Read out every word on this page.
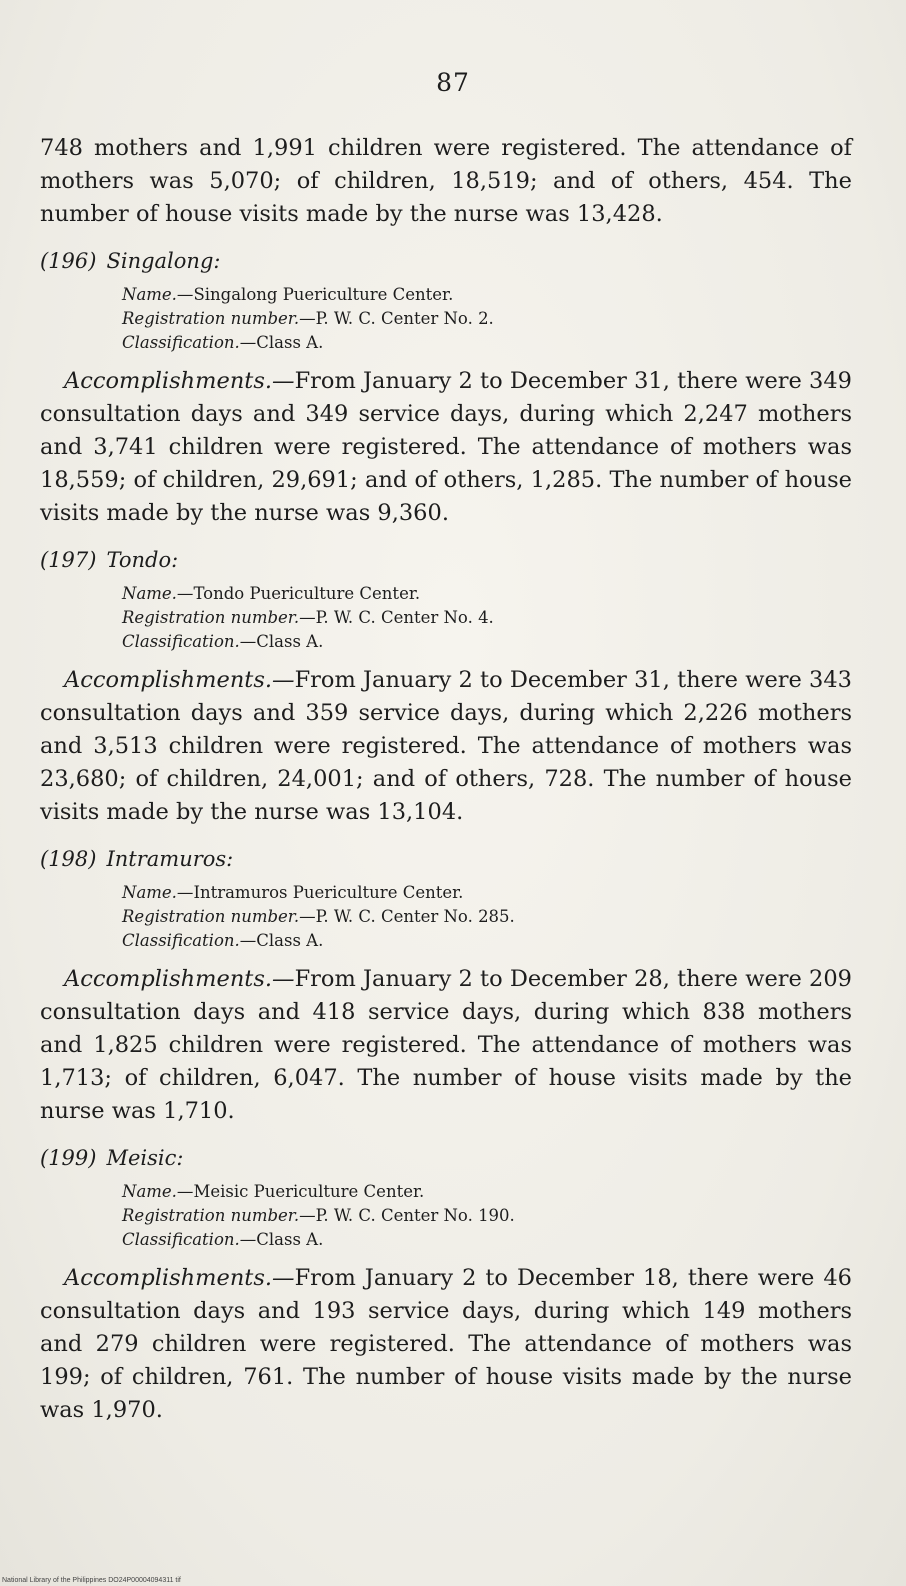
87

748 mothers and 1,991 children were registered. The attendance of mothers was 5,070; of children, 18,519; and of others, 454. The number of house visits made by the nurse was 13,428.

(196) Singalong:
Name.—Singalong Puericulture Center.
Registration number.—P. W. C. Center No. 2.
Classification.—Class A.

Accomplishments.—From January 2 to December 31, there were 349 consultation days and 349 service days, during which 2,247 mothers and 3,741 children were registered. The attendance of mothers was 18,559; of children, 29,691; and of others, 1,285. The number of house visits made by the nurse was 9,360.

(197) Tondo:
Name.—Tondo Puericulture Center.
Registration number.—P. W. C. Center No. 4.
Classification.—Class A.

Accomplishments.—From January 2 to December 31, there were 343 consultation days and 359 service days, during which 2,226 mothers and 3,513 children were registered. The attendance of mothers was 23,680; of children, 24,001; and of others, 728. The number of house visits made by the nurse was 13,104.

(198) Intramuros:
Name.—Intramuros Puericulture Center.
Registration number.—P. W. C. Center No. 285.
Classification.—Class A.

Accomplishments.—From January 2 to December 28, there were 209 consultation days and 418 service days, during which 838 mothers and 1,825 children were registered. The attendance of mothers was 1,713; of children, 6,047. The number of house visits made by the nurse was 1,710.

(199) Meisic:
Name.—Meisic Puericulture Center.
Registration number.—P. W. C. Center No. 190.
Classification.—Class A.

Accomplishments.—From January 2 to December 18, there were 46 consultation days and 193 service days, during which 149 mothers and 279 children were registered. The attendance of mothers was 199; of children, 761. The number of house visits made by the nurse was 1,970.

National Library of the Philippines DO24P00004094311 tif
